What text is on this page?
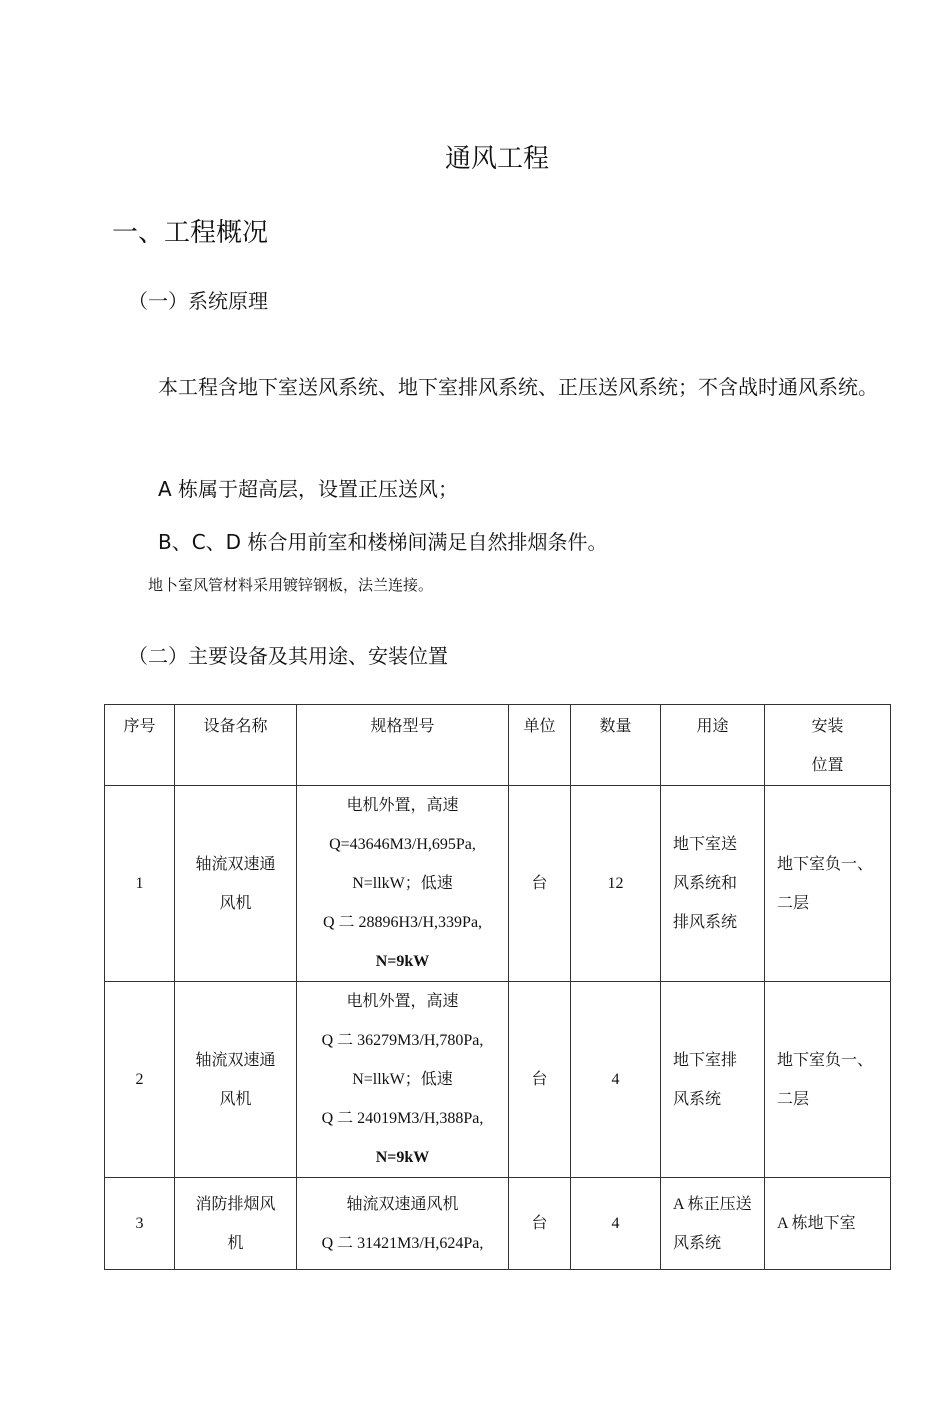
通风工程
一、工程概况
（一）系统原理

本工程含地下室送风系统、地下室排风系统、正压送风系统；不含战时通风系统。

A 栋属于超高层，设置正压送风；

B、C、D 栋合用前室和楼梯间满足自然排烟条件。

地卜室风管材料采用镀锌钢板，法兰连接。

（二）主要设备及其用途、安装位置
序号	设备名称	规格型号	单位	数量	用途	安装
位置

1	轴流双速通
风机	电机外置，高速
Q=43646M3/H,695Pa,
N=llkW；低速
Q 二 28896H3/H,339Pa,
N=9kW	台	12	地下室送
风系统和
排风系统	地下室负一、
二层

2	轴流双速通
风机	电机外置，高速
Q 二 36279M3/H,780Pa,
N=llkW；低速
Q 二 24019M3/H,388Pa,
N=9kW	台	4	地下室排
风系统	地下室负一、
二层

3	消防排烟风
机	轴流双速通风机
Q 二 31421M3/H,624Pa,	台	4	A 栋正压送
风系统	A 栋地下室
